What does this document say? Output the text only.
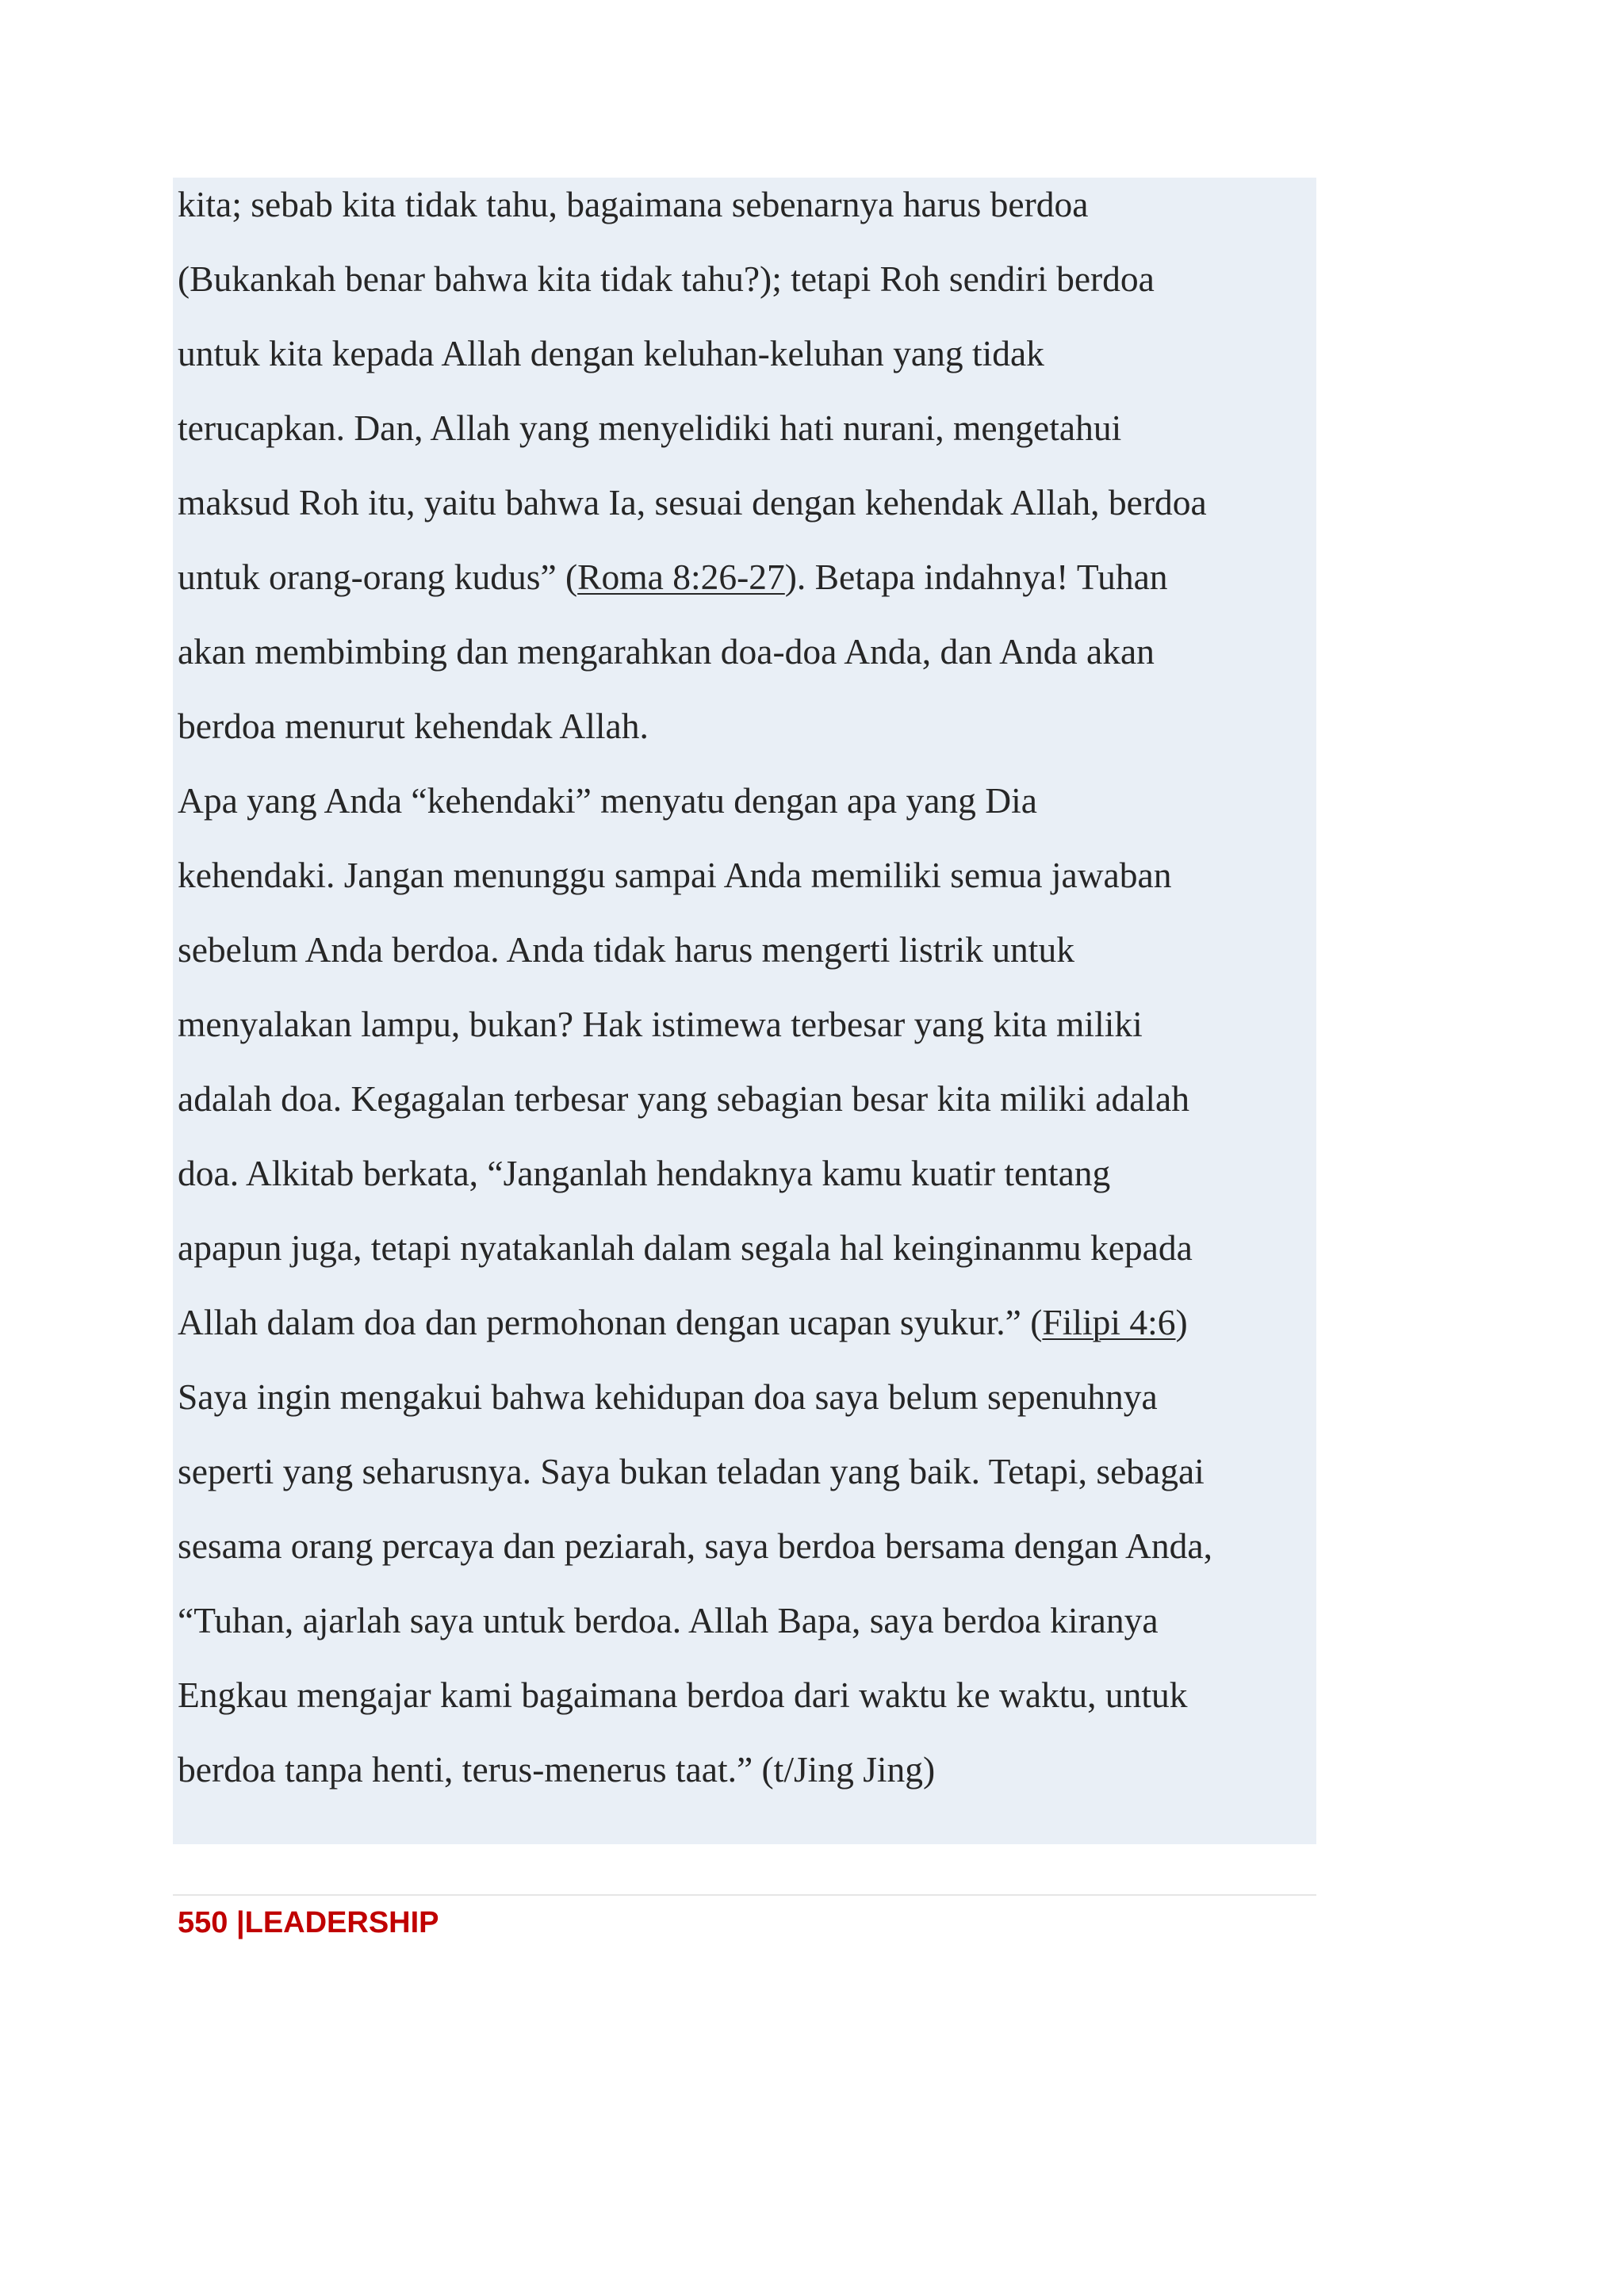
kita; sebab kita tidak tahu, bagaimana sebenarnya harus berdoa
(Bukankah benar bahwa kita tidak tahu?); tetapi Roh sendiri berdoa
untuk kita kepada Allah dengan keluhan-keluhan yang tidak
terucapkan. Dan, Allah yang menyelidiki hati nurani, mengetahui
maksud Roh itu, yaitu bahwa Ia, sesuai dengan kehendak Allah, berdoa
untuk orang-orang kudus” (Roma 8:26-27). Betapa indahnya! Tuhan
akan membimbing dan mengarahkan doa-doa Anda, dan Anda akan
berdoa menurut kehendak Allah.
Apa yang Anda “kehendaki” menyatu dengan apa yang Dia
kehendaki. Jangan menunggu sampai Anda memiliki semua jawaban
sebelum Anda berdoa. Anda tidak harus mengerti listrik untuk
menyalakan lampu, bukan? Hak istimewa terbesar yang kita miliki
adalah doa. Kegagalan terbesar yang sebagian besar kita miliki adalah
doa. Alkitab berkata, “Janganlah hendaknya kamu kuatir tentang
apapun juga, tetapi nyatakanlah dalam segala hal keinginanmu kepada
Allah dalam doa dan permohonan dengan ucapan syukur.” (Filipi 4:6)
Saya ingin mengakui bahwa kehidupan doa saya belum sepenuhnya
seperti yang seharusnya. Saya bukan teladan yang baik. Tetapi, sebagai
sesama orang percaya dan peziarah, saya berdoa bersama dengan Anda,
“Tuhan, ajarlah saya untuk berdoa. Allah Bapa, saya berdoa kiranya
Engkau mengajar kami bagaimana berdoa dari waktu ke waktu, untuk
berdoa tanpa henti, terus-menerus taat.” (t/Jing Jing)
550 |LEADERSHIP
